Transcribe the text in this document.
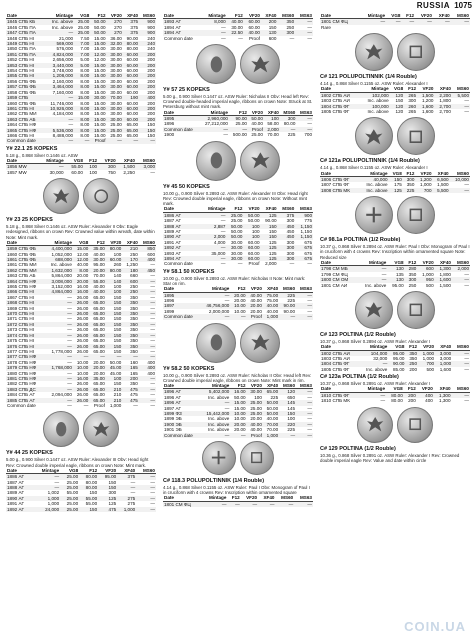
RUSSIA 1075
Date	Mintage	VG8	F12	VF20	XF40	MS60
1845 СПБ КБ	Inc. above	25.00	50.00	270	375	900
1846 СПБ ПА	Inc. above	25.00	50.00	270	375	900
1847 СПБ ПА	—	25.00	50.00	270	375	900
1848 СПБ НI	21,000	7.50	15.00	36.00	90.00	240
1849 СПБ НI	569,000	7.00	15.00	32.00	80.00	240
1850 СПБ ПА	576,000	7.00	15.00	30.00	80.00	240
1851 СПБ ПА	4,824,000	7.00	12.00	30.00	60.00	200
1852 СПБ НI	2,656,000	5.00	12.00	30.00	60.00	200
1853 СПБ НI	3,440,000	5.00	15.00	30.00	60.00	200
1854 СПБ НI	3,748,000	8.00	15.00	30.00	60.00	200
1855 СПБ НI	1,208,000	8.00	15.00	30.00	60.00	200
1856 СПБ ФБ	2,160,000	8.00	15.00	30.00	60.00	200
1857 СПБ ФБ	3,464,000	8.00	15.00	30.00	60.00	200
1858 СПБ ФБ	7,160,000	8.00	15.00	30.00	60.00	200
1859 СПБ	—	15.00	30.00	70.00	190	400
1860 СПБ ФБ	11,746,000	8.00	15.00	30.00	60.00	200
1861 СПБ НI	10,926,000	8.00	15.00	30.00	60.00	200
1862 СПБ МИ	4,184,000	8.00	15.00	30.00	60.00	200
1863 СПБ АБ	—	8.00	15.00	30.00	60.00	200
1864 СПБ НФ	—	8.00	15.00	25.00	65.00	150
1865 СПБ НФ	5,536,000	8.00	15.00	25.00	65.00	150
1866 СПБ НI	8,488,000	8.00	15.00	25.00	65.00	150
Common date	—	—	Proof	—	—	—
Y# 22.1 25 KOPEKS
5.18 g., 0.868 Silver 0.1446 oz. ASW
Date	Mintage	VG8	F12	VF20	XF40	MS60
1856 MW	—	55.00	100	300	1,500	3,000
1857 MW	30,000	60.00	100	750	2,250	—
Y# 23 25 KOPEKS
5.18 g., 0.868 Silver 0.1446 oz. ASW Ruler: Alexander II Obv: Eagle redesigned, ribbons on crown Rev: Crowned value within wreath, date within Note: Mint mark.
Date	Mintage	VG8	F12	VF20	XF40	MS60
1859 СПБ ФБ	4,400,000	15.00	35.00	80.00	210	850
1860 СПБ ФБ	1,052,000	12.00	40.00	100	250	600
1861 СПБ ФБ	688,000	12.00	30.00	60.00	170	400
1861 СПБ МИ	Inc. above	40.00	95.00	260	1,250	—
1862 СПБ МИ	1,632,000	8.00	20.00	80.00	180	450
1863 СПБ АБ	5,864,000	20.00	70.00	140	660	—
1864 СПБ НФ	3,008,000	20.00	55.00	140	600	—
1865 СПБ НФ	3,152,000	16.00	40.00	100	250	—
1866 СПБ НI	4,864,000	16.00	40.00	100	250	—
1867 СПБ НI	—	26.00	65.00	150	350	—
1868 СПБ НI	—	26.00	65.00	150	350	—
1869 СПБ НI	—	26.00	65.00	150	350	—
1870 СПБ НI	—	26.00	65.00	150	350	—
1871 СПБ НI	—	26.00	65.00	150	350	—
1872 СПБ НI	—	26.00	65.00	150	350	—
1873 СПБ НI	—	26.00	65.00	150	350	—
1874 СПБ НI	—	26.00	65.00	150	350	—
1875 СПБ НI	—	26.00	65.00	150	350	—
1876 СПБ НI	—	26.00	65.00	150	350	—
1877 СПБ НI	1,778,000	26.00	65.00	150	350	—
1877 СПБ НФ	—	—	—	—	—	—
1878 СПБ НФ	—	10.00	20.00	50.00	160	400
1879 СПБ НФ	1,768,000	10.00	20.00	45.00	165	400
1880 СПБ НФ	—	10.00	20.00	45.00	165	400
1881 СПБ НФ	—	16.00	35.00	100	200	—
1882 СПБ НФ	—	26.00	65.00	150	350	—
1883 СПБ ДС	—	26.00	65.00	210	475	—
1884 СПБ АГ	2,094,000	26.00	65.00	210	475	—
1885 СПБ АГ	—	26.00	65.00	210	475	—
Common date	—	—	Proof	1,000	—	—
Y# 44 25 KOPEKS
5.00 g., 0.900 Silver 0.1447 oz. ASW Ruler: Alexander III Obv: Head right Rev: Crowned double imperial eagle, ribbons on crown Note: Mint mark.
Date	Mintage	VG8	F12	VF20	XF40	MS60
1886 АГ	—	25.00	80.00	95.00	375	—
1887 АГ	—	25.00	80.00	150	—	—
1888 АГ	—	25.00	80.00	150	—	—
1889 АГ	1,002	55.00	150	300	—	—
1890 АГ	1,000	25.00	55.00	125	275	—
1891 АГ	1,000	25.00	55.00	125	275	—
1892 АГ	24,000	25.00	150	475	1,000	—
Date	Mintage	F12	VF20	XF40	MS60	MS63
1893 АГ	8,000	40.00	60.00	200	350	—
1894 АГ	—	30.00	60.00	150	250	—
1894 АГ	—	22.50	40.00	130	300	—
Common date	—	—	Proof	600	—	—
Y# 57 25 KOPEKS
5.00 g., 0.900 Silver 0.1447 oz. ASW Ruler: Nicholas II Obv: Head left Rev: Crowned double-headed imperial eagle, ribbons on crown Note: Struck at St. Petersburg without mint mark.
Date	Mintage	F12	VF20	XF40	MS60	MS63
1895	2,960,000	90.00	50.00	100	300	—
1896	27,212,000	25.00	40.00	58.00	80.00	—
Common date	—	—	Proof	2,000	—	—
1900	—	500.00	25.00	70.00	225	700
Y# 45 50 KOPEKS
10.00 g., 0.900 Silver 0.2893 oz. ASW Ruler: Alexander III Obv: Head right Rev: Crowned double imperial eagle, ribbons on crown Note: Without mint mark.
Date	Mintage	F12	VF20	XF40	MS60	MS63
1886 АГ	—	25.00	50.00	125	375	900
1887 АГ	—	25.00	50.00	90.00	300	775
1888 АГ	2,887	50.00	100	150	450	1,150
1889 АГ	—	50.00	100	150	450	1,150
1890 АГ	2,000	50.00	100	150	450	1,150
1891 АГ	4,000	30.00	60.00	125	300	675
1892 АГ	—	30.00	60.00	125	300	675
1893 АГ	35,000	30.00	60.00	125	300	675
1894 АГ	—	30.00	60.00	125	300	675
Common date	—	—	Proof	2,000	—	—
Y# 58.1 50 KOPEKS
10.00 g., 0.900 Silver 0.2893 oz. ASW Ruler: Nicholas II Note: Mint mark: Star on rim.
Date	Mintage	F12	VF20	XF40	MS60	MS63
1895	—	20.00	40.00	75.00	225	—
1896	—	20.00	40.00	75.00	225	—
1897	46,756,000	10.00	20.00	40.00	90.00	—
1899	2,000,000	10.00	20.00	40.00	90.00	—
Common date	—	—	Proof	1,000	—	—
Y# 58.2 50 KOPEKS
10.00 g., 0.900 Silver 0.2893 oz. ASW Ruler: Nicholas II Obv: Head left Rev: Crowned double imperial eagle, ribbons on crown Note: Mint mark in rim.
Date	Mintage	F12	VF20	XF40	MS60	MS63
1896 АГ	5,402,000	16.00	30.00	65.00	120	—
1896 АГ	Inc. above	50.00	100	225	650	—
1896 АГ	—	15.00	25.00	50.00	145	—
1897 АГ	—	15.00	25.00	50.00	145	—
1899 ФЗ	15,442,000	10.00	25.00	50.00	150	—
1899 ЭБ	Inc. above	10.00	20.00	40.00	100	—
1900 ЭБ	Inc. above	20.00	40.00	70.00	220	—
1901 ЭБ	Inc. above	20.00	40.00	70.00	225	—
Common date	—	—	Proof	1,000	—	—
C# 118.3 POLUPOLTINNIK (1/4 Rouble)
4.14 g., 0.868 Silver 0.1155 oz. ASW Ruler: Paul I Obv: Monogram of Paul I in cruciform with 4 crowns Rev: Inscription within ornamented square
Date	Mintage	F12	VF20	XF40	MS60	MS63
1801 СМ ФЦ	—	—	—	—	—	—
Date	Mintage	VG8	F12	VF20	XF40	MS60
1801 СМ ФЦ	—	—	—	—	—	—
Rare						
C# 121 POLUPOLTINNIK (1/4 Rouble)
4.14 g., 0.868 Silver 0.1155 oz. ASW Ruler: Alexander I
Date	Mintage	VG8	F12	VF20	XF40	MS60
1802 СПБ АИ	102,000	120	265	1,500	2,200	5,500
1803 СПБ АИ	Inc. above	150	300	1,200	1,800	—
1804 СПБ ФГ	100,000	120	260	1,600	2,700	—
1805 СПБ ФГ	Inc. above	120	265	1,600	2,700	—
C# 121a POLUPOLTINNIK (1/4 Rouble)
4.14 g., 0.868 Silver 0.1155 oz. ASW Ruler: Alexander I
Date	Mintage	VG8	F12	VF20	XF40	MS60
1806 СПБ ФГ	40,000	150	300	1,200	6,500	10,000
1807 СПБ ФГ	Inc. above	175	350	1,000	1,500	—
1808 СПБ МК	Inc. above	125	225	700	5,500	—
C# 98.1a POLTINA (1/2 Rouble)
10.37 g., 0.868 Silver 0.2894 oz. ASW Ruler: Paul I Obv: Monogram of Paul I in cruciform with 4 crowns Rev: Inscription within ornamented square Note: Reduced size
Date	Mintage	VG8	F12	VF20	XF40	MS60
1798 СМ МБ	—	130	280	600	1,300	2,000
1799 СМ ФЦ	—	135	350	1,000	1,800	—
1800 СМ ОМ	—	130	300	950	1,600	—
1801 СМ АИ	Inc. above	95.00	250	500	1,500	—
C# 123 POLTINA (1/2 Rouble)
10.37 g., 0.868 Silver 0.2894 oz. ASW Ruler: Alexander I
Date	Mintage	VG8	F12	VF20	XF40	MS60
1802 СПБ АИ	104,000	95.00	350	1,000	3,000	—
1803 СПБ АИ	32,000	95.00	350	1,000	3,000	—
1804 СПБ ФГ	—	90.00	250	700	1,000	—
1805 СПБ ФГ	Inc. above	85.00	200	500	1,600	—
C# 123a POLTINA (1/2 Rouble)
10.37 g., 0.868 Silver 0.2891 oz. ASW Ruler: Alexander I
Date	Mintage	VG8	F12	VF20	XF40	MS60
1810 СПБ ФГ	—	80.00	200	400	1,300	—
1810 СПБ МК	—	80.00	200	400	1,300	—
C# 129 POLTINA (1/2 Rouble)
10.36 g., 0.868 Silver 0.2891 oz. ASW Ruler: Alexander I Rev: Crowned double imperial eagle Rev: Value and date within circle
COIN.UA
